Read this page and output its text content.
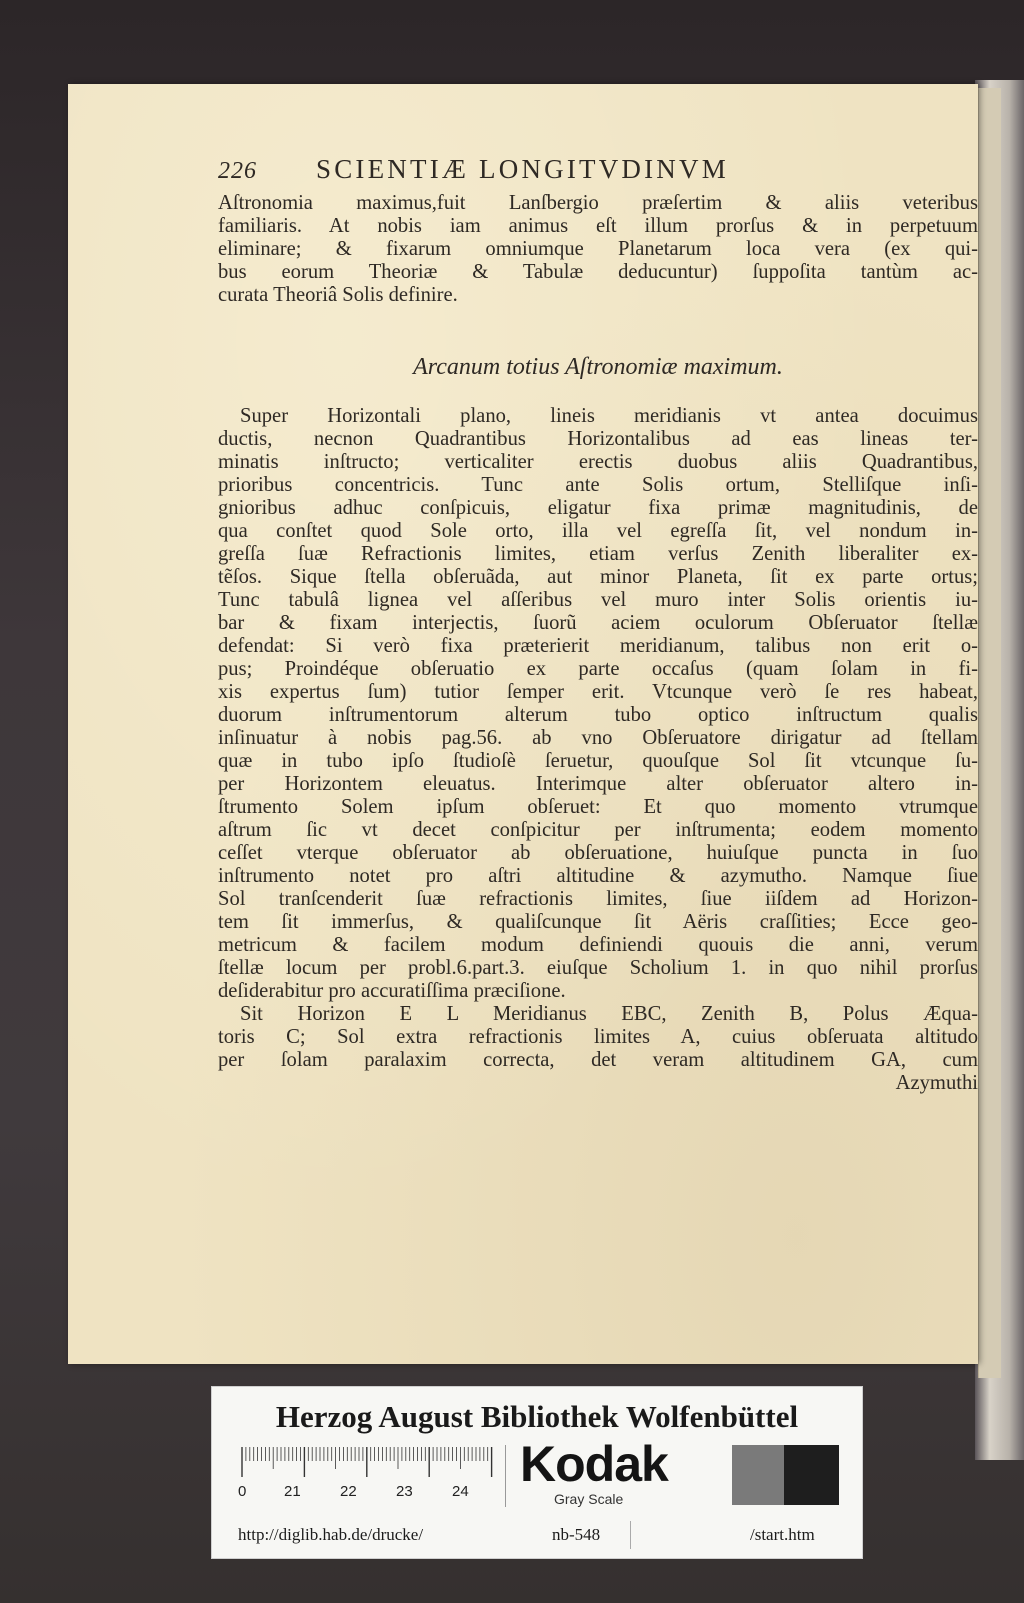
226 SCIENTIÆ LONGITVDINVM
Aſtronomia maximus,fuit Lanſbergio præſertim & aliis veteribus
familiaris. At nobis iam animus eſt illum prorſus & in perpetuum
eliminare; & fixarum omniumque Planetarum loca vera (ex qui-
bus eorum Theoriæ & Tabulæ deducuntur) ſuppoſita tantùm ac-
curata Theoriâ Solis definire.
Arcanum totius Aſtronomiæ maximum.
Super Horizontali plano, lineis meridianis vt antea docuimus
ductis, necnon Quadrantibus Horizontalibus ad eas lineas ter-
minatis inſtructo; verticaliter erectis duobus aliis Quadrantibus,
prioribus concentricis. Tunc ante Solis ortum, Stelliſque inſi-
gnioribus adhuc conſpicuis, eligatur fixa primæ magnitudinis, de
qua conſtet quod Sole orto, illa vel egreſſa ſit, vel nondum in-
greſſa ſuæ Refractionis limites, etiam verſus Zenith liberaliter ex-
tẽſos. Sique ſtella obſeruãda, aut minor Planeta, ſit ex parte ortus;
Tunc tabulâ lignea vel aſſeribus vel muro inter Solis orientis iu-
bar & fixam interjectis, ſuorũ aciem oculorum Obſeruator ſtellæ
defendat: Si verò fixa præterierit meridianum, talibus non erit o-
pus; Proindéque obſeruatio ex parte occaſus (quam ſolam in fi-
xis expertus ſum) tutior ſemper erit. Vtcunque verò ſe res habeat,
duorum inſtrumentorum alterum tubo optico inſtructum qualis
inſinuatur à nobis pag.56. ab vno Obſeruatore dirigatur ad ſtellam
quæ in tubo ipſo ſtudioſè ſeruetur, quouſque Sol ſit vtcunque ſu-
per Horizontem eleuatus. Interimque alter obſeruator altero in-
ſtrumento Solem ipſum obſeruet: Et quo momento vtrumque
aſtrum ſic vt decet conſpicitur per inſtrumenta; eodem momento
ceſſet vterque obſeruator ab obſeruatione, huiuſque puncta in ſuo
inſtrumento notet pro aſtri altitudine & azymutho. Namque ſiue
Sol tranſcenderit ſuæ refractionis limites, ſiue iiſdem ad Horizon-
tem ſit immerſus, & qualiſcunque ſit Aëris craſſities; Ecce geo-
metricum & facilem modum definiendi quouis die anni, verum
ſtellæ locum per probl.6.part.3. eiuſque Scholium 1. in quo nihil prorſus
deſiderabitur pro accuratiſſima præciſione.
Sit Horizon E L Meridianus EBC, Zenith B, Polus Æqua-
toris C; Sol extra refractionis limites A, cuius obſeruata altitudo
per ſolam paralaxim correcta, det veram altitudinem GA, cum
Azymuthi
Herzog August Bibliothek Wolfenbüttel
0	21	22	23	24 Kodak
Gray Scale
http://diglib.hab.de/drucke/	nb-548	/start.htm
